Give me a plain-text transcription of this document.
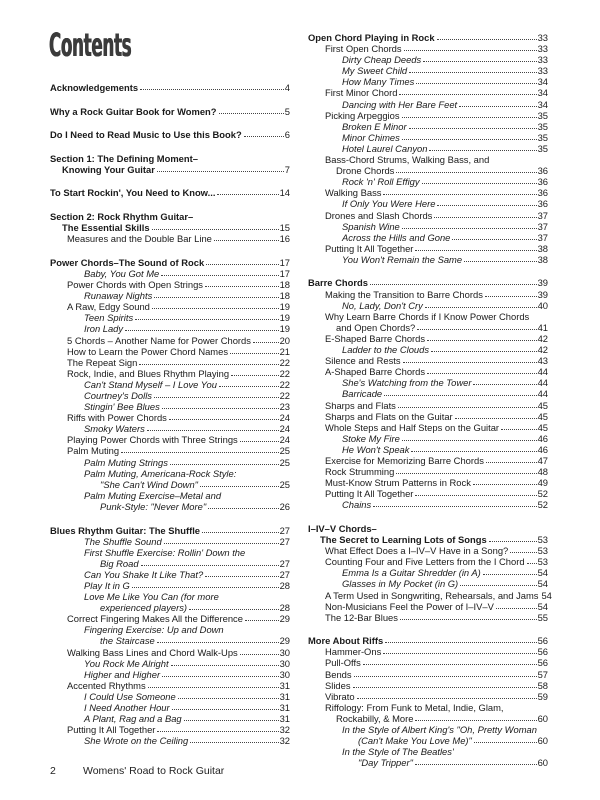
Contents
Acknowledgements	4
Why a Rock Guitar Book for Women?	5
Do I Need to Read Music to Use this Book?	6
Section 1: The Defining Moment–
Knowing Your Guitar	7
To Start Rockin', You Need to Know...	14
Section 2: Rock Rhythm Guitar–
The Essential Skills	15
Measures and the Double Bar Line	16
Power Chords–The Sound of Rock	17
Baby, You Got Me	17
Power Chords with Open Strings	18
Runaway Nights	18
A Raw, Edgy Sound	19
Teen Spirits	19
Iron Lady	19
5 Chords – Another Name for Power Chords	20
How to Learn the Power Chord Names	21
The Repeat Sign	22
Rock, Indie, and Blues Rhythm Playing	22
Can't Stand Myself – I Love You	22
Courtney's Dolls	22
Stingin' Bee Blues	23
Riffs with Power Chords	24
Smoky Waters	24
Playing Power Chords with Three Strings	24
Palm Muting	25
Palm Muting Strings	25
Palm Muting, Americana-Rock Style:
"She Can't Wind Down"	25
Palm Muting Exercise–Metal and
Punk-Style: "Never More"	26
Blues Rhythm Guitar: The Shuffle	27
The Shuffle Sound	27
First Shuffle Exercise: Rollin' Down the
Big Road	27
Can You Shake It Like That?	27
Play It in G	28
Love Me Like You Can (for more
experienced players)	28
Correct Fingering Makes All the Difference	29
Fingering Exercise: Up and Down
the Staircase	29
Walking Bass Lines and Chord Walk-Ups	30
You Rock Me Alright	30
Higher and Higher	30
Accented Rhythms	31
I Could Use Someone	31
I Need Another Hour	31
A Plant, Rag and a Bag	31
Putting It All Together	32
She Wrote on the Ceiling	32
Open Chord Playing in Rock	33
First Open Chords	33
Dirty Cheap Deeds	33
My Sweet Child	33
How Many Times	34
First Minor Chord	34
Dancing with Her Bare Feet	34
Picking Arpeggios	35
Broken E Minor	35
Minor Chimes	35
Hotel Laurel Canyon	35
Bass-Chord Strums, Walking Bass, and
Drone Chords	36
Rock 'n' Roll Effigy	36
Walking Bass	36
If Only You Were Here	36
Drones and Slash Chords	37
Spanish Wine	37
Across the Hills and Gone	37
Putting It All Together	38
You Won't Remain the Same	38
Barre Chords	39
Making the Transition to Barre Chords	39
No, Lady, Don't Cry	40
Why Learn Barre Chords if I Know Power Chords
and Open Chords?	41
E-Shaped Barre Chords	42
Ladder to the Clouds	42
Silence and Rests	43
A-Shaped Barre Chords	44
She's Watching from the Tower	44
Barricade	44
Sharps and Flats	45
Sharps and Flats on the Guitar	45
Whole Steps and Half Steps on the Guitar	45
Stoke My Fire	46
He Won't Speak	46
Exercise for Memorizing Barre Chords	47
Rock Strumming	48
Must-Know Strum Patterns in Rock	49
Putting It All Together	52
Chains	52
I–IV–V Chords–
The Secret to Learning Lots of Songs	53
What Effect Does a I–IV–V Have in a Song?	53
Counting Four and Five Letters from the I Chord 53
Emma Is a Guitar Shredder (in A)	54
Glasses in My Pocket (in G)	54
A Term Used in Songwriting, Rehearsals, and Jams 54
Non-Musicians Feel the Power of I–IV–V	54
The 12-Bar Blues	55
More About Riffs	56
Hammer-Ons	56
Pull-Offs	56
Bends	57
Slides	58
Vibrato	59
Riffology: From Funk to Metal, Indie, Glam,
Rockabilly, & More	60
In the Style of Albert King's "Oh, Pretty Woman
(Can't Make You Love Me)"	60
In the Style of The Beatles'
"Day Tripper"	60
2	Womens' Road to Rock Guitar
